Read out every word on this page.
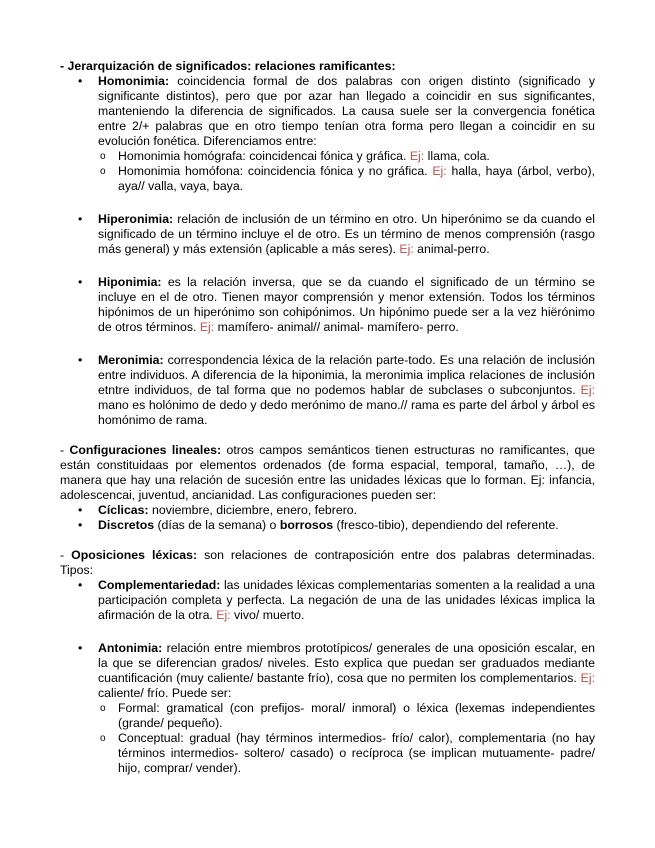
- Jerarquización de significados: relaciones ramificantes:

• Homonimia: coincidencia formal de dos palabras con origen distinto (significado y significante distintos), pero que por azar han llegado a coincidir en sus significantes, manteniendo la diferencia de significados. La causa suele ser la convergencia fonética entre 2/+ palabras que en otro tiempo tenían otra forma pero llegan a coincidir en su evolución fonética. Diferenciamos entre:

o Homonimia homógrafa: coincidencai fónica y gráfica. Ej: llama, cola.

o Homonimia homófona: coincidencia fónica y no gráfica. Ej: halla, haya (árbol, verbo), aya// valla, vaya, baya.

• Hiperonimia: relación de inclusión de un término en otro. Un hiperónimo se da cuando el significado de un término incluye el de otro. Es un término de menos comprensión (rasgo más general) y más extensión (aplicable a más seres). Ej: animal-perro.

• Hiponimia: es la relación inversa, que se da cuando el significado de un término se incluye en el de otro. Tienen mayor comprensión y menor extensión. Todos los términos hipónimos de un hiperónimo son cohipónimos. Un hipónimo puede ser a la vez hiërónimo de otros términos. Ej: mamífero- animal// animal- mamífero- perro.

• Meronimia: correspondencia léxica de la relación parte-todo. Es una relación de inclusión entre individuos. A diferencia de la hiponimia, la meronimia implica relaciones de inclusión etntre individuos, de tal forma que no podemos hablar de subclases o subconjuntos. Ej: mano es holónimo de dedo y dedo merónimo de mano.// rama es parte del árbol y árbol es homónimo de rama.

- Configuraciones lineales: otros campos semánticos tienen estructuras no ramificantes, que están constituidaas por elementos ordenados (de forma espacial, temporal, tamaño, …), de manera que hay una relación de sucesión entre las unidades léxicas que lo forman. Ej: infancia, adolescencai, juventud, ancianidad. Las configuraciones pueden ser:

• Cíclicas: noviembre, diciembre, enero, febrero.

• Discretos (días de la semana) o borrosos (fresco-tibio), dependiendo del referente.

- Oposiciones léxicas: son relaciones de contraposición entre dos palabras determinadas. Tipos:

• Complementariedad: las unidades léxicas complementarias somenten a la realidad a una participación completa y perfecta. La negación de una de las unidades léxicas implica la afirmación de la otra. Ej: vivo/ muerto.

• Antonimia: relación entre miembros prototípicos/ generales de una oposición escalar, en la que se diferencian grados/ niveles. Esto explica que puedan ser graduados mediante cuantificación (muy caliente/ bastante frío), cosa que no permiten los complementarios. Ej: caliente/ frío. Puede ser:

o Formal: gramatical (con prefijos- moral/ inmoral) o léxica (lexemas independientes (grande/ pequeño).

o Conceptual: gradual (hay términos intermedios- frío/ calor), complementaria (no hay términos intermedios- soltero/ casado) o recíproca (se implican mutuamente- padre/ hijo, comprar/ vender).
